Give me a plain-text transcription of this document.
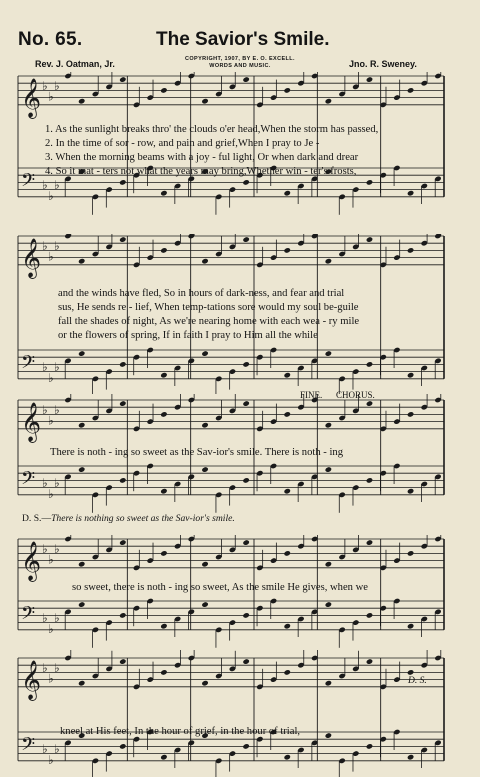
No. 65.	The Savior's Smile.
COPYRIGHT, 1907, BY E. O. EXCELL.
WORDS AND MUSIC.
Rev. J. Oatman, Jr.	Jno. R. Sweney.
𝄞 ♭
♭
♭
𝄢 ♭
♭
♭
𝄞 ♭
♭
♭
𝄢 ♭
♭
♭
𝄞 ♭
♭
♭
𝄢 ♭
♭
♭
𝄞 ♭
♭
♭
𝄢 ♭
♭
♭
𝄞 ♭
♭
♭
𝄢 ♭
♭
♭
1. As the sunlight breaks thro' the clouds o'er head,When the storm has passed,
2. In the time of sor - row, and pain and grief,When I pray to Je -
3. When the morning beams with a joy - ful light, Or when dark and drear
4. So it mat - ters not what the years may bring,Whether win - ter's frosts,
and the winds have fled, So in hours of dark-ness, and fear and trial
sus, He sends re - lief, When temp-tations sore would my soul be-guile
fall the shades of night, As we're nearing home with each wea - ry mile
or the flowers of spring, If in faith I pray to Him all the while
FINE. CHORUS.
There is noth - ing so sweet as the Sav-ior's smile. There is noth - ing
D. S.—There is nothing so sweet as the Sav-ior's smile.
so sweet, there is noth - ing so sweet, As the smile He gives, when we
D. S.
kneel at His feet, In the hour of grief, in the hour of trial,
